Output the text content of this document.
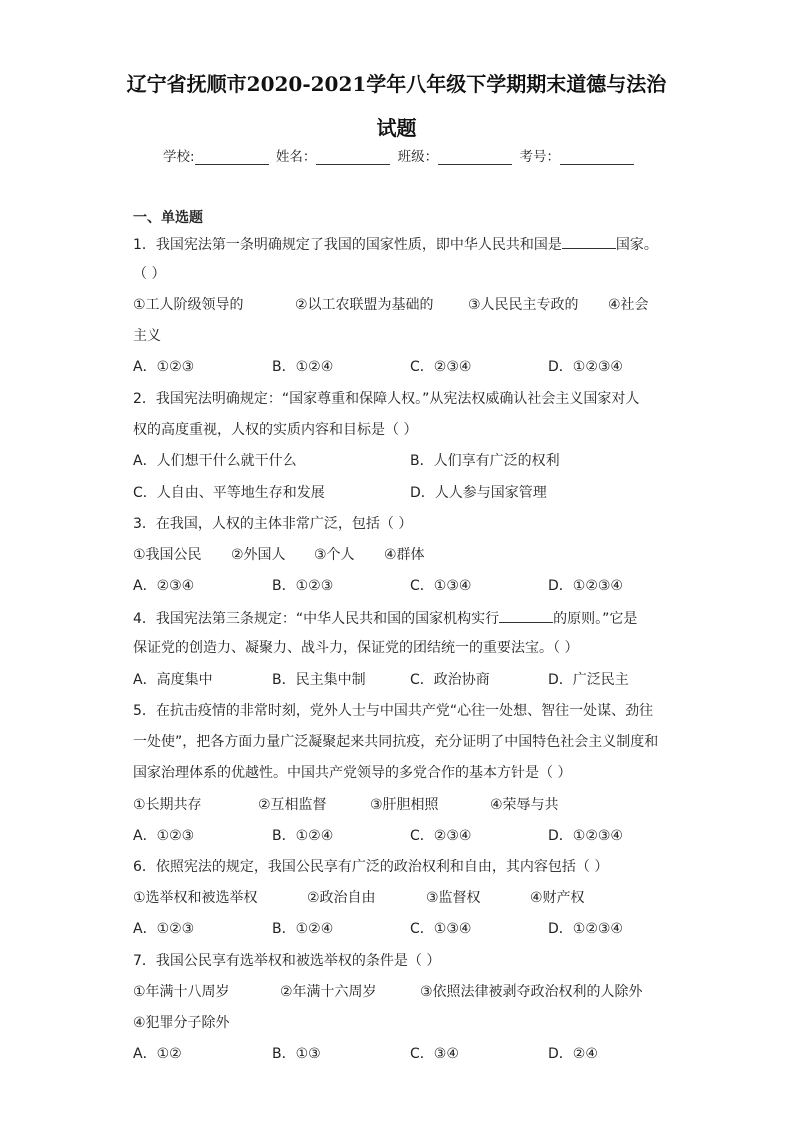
辽宁省抚顺市2020-2021学年八年级下学期期末道德与法治
试题
学校:	姓名：	班级：	考号：
一、单选题
1．我国宪法第一条明确规定了我国的国家性质，即中华人民共和国是	国家。
（ ）
①工人阶级领导的	②以工农联盟为基础的 ③人民民主专政的 ④社会
主义
A．①②③	B．①②④	C．②③④	D．①②③④
2．我国宪法明确规定：“国家尊重和保障人权。”从宪法权威确认社会主义国家对人
权的高度重视，人权的实质内容和目标是（ ）
A．人们想干什么就干什么	B．人们享有广泛的权利
C．人自由、平等地生存和发展	D．人人参与国家管理
3．在我国，人权的主体非常广泛，包括（ ）
①我国公民 ②外国人 ③个人 ④群体
A．②③④	B．①②③	C．①③④	D．①②③④
4．我国宪法第三条规定：“中华人民共和国的国家机构实行	的原则。”它是
保证党的创造力、凝聚力、战斗力，保证党的团结统一的重要法宝。（ ）
A．高度集中	B．民主集中制	C．政治协商	D．广泛民主
5．在抗击疫情的非常时刻，党外人士与中国共产党“心往一处想、智往一处谋、劲往
一处使”，把各方面力量广泛凝聚起来共同抗疫，充分证明了中国特色社会主义制度和
国家治理体系的优越性。中国共产党领导的多党合作的基本方针是（ ）
①长期共存	②互相监督	③肝胆相照	④荣辱与共
A．①②③	B．①②④	C．②③④	D．①②③④
6．依照宪法的规定，我国公民享有广泛的政治权利和自由，其内容包括（ ）
①选举权和被选举权	②政治自由	③监督权	④财产权
A．①②③	B．①②④	C．①③④	D．①②③④
7．我国公民享有选举权和被选举权的条件是（ ）
①年满十八周岁	②年满十六周岁	③依照法律被剥夺政治权利的人除外
④犯罪分子除外
A．①②	B．①③	C．③④	D．②④
